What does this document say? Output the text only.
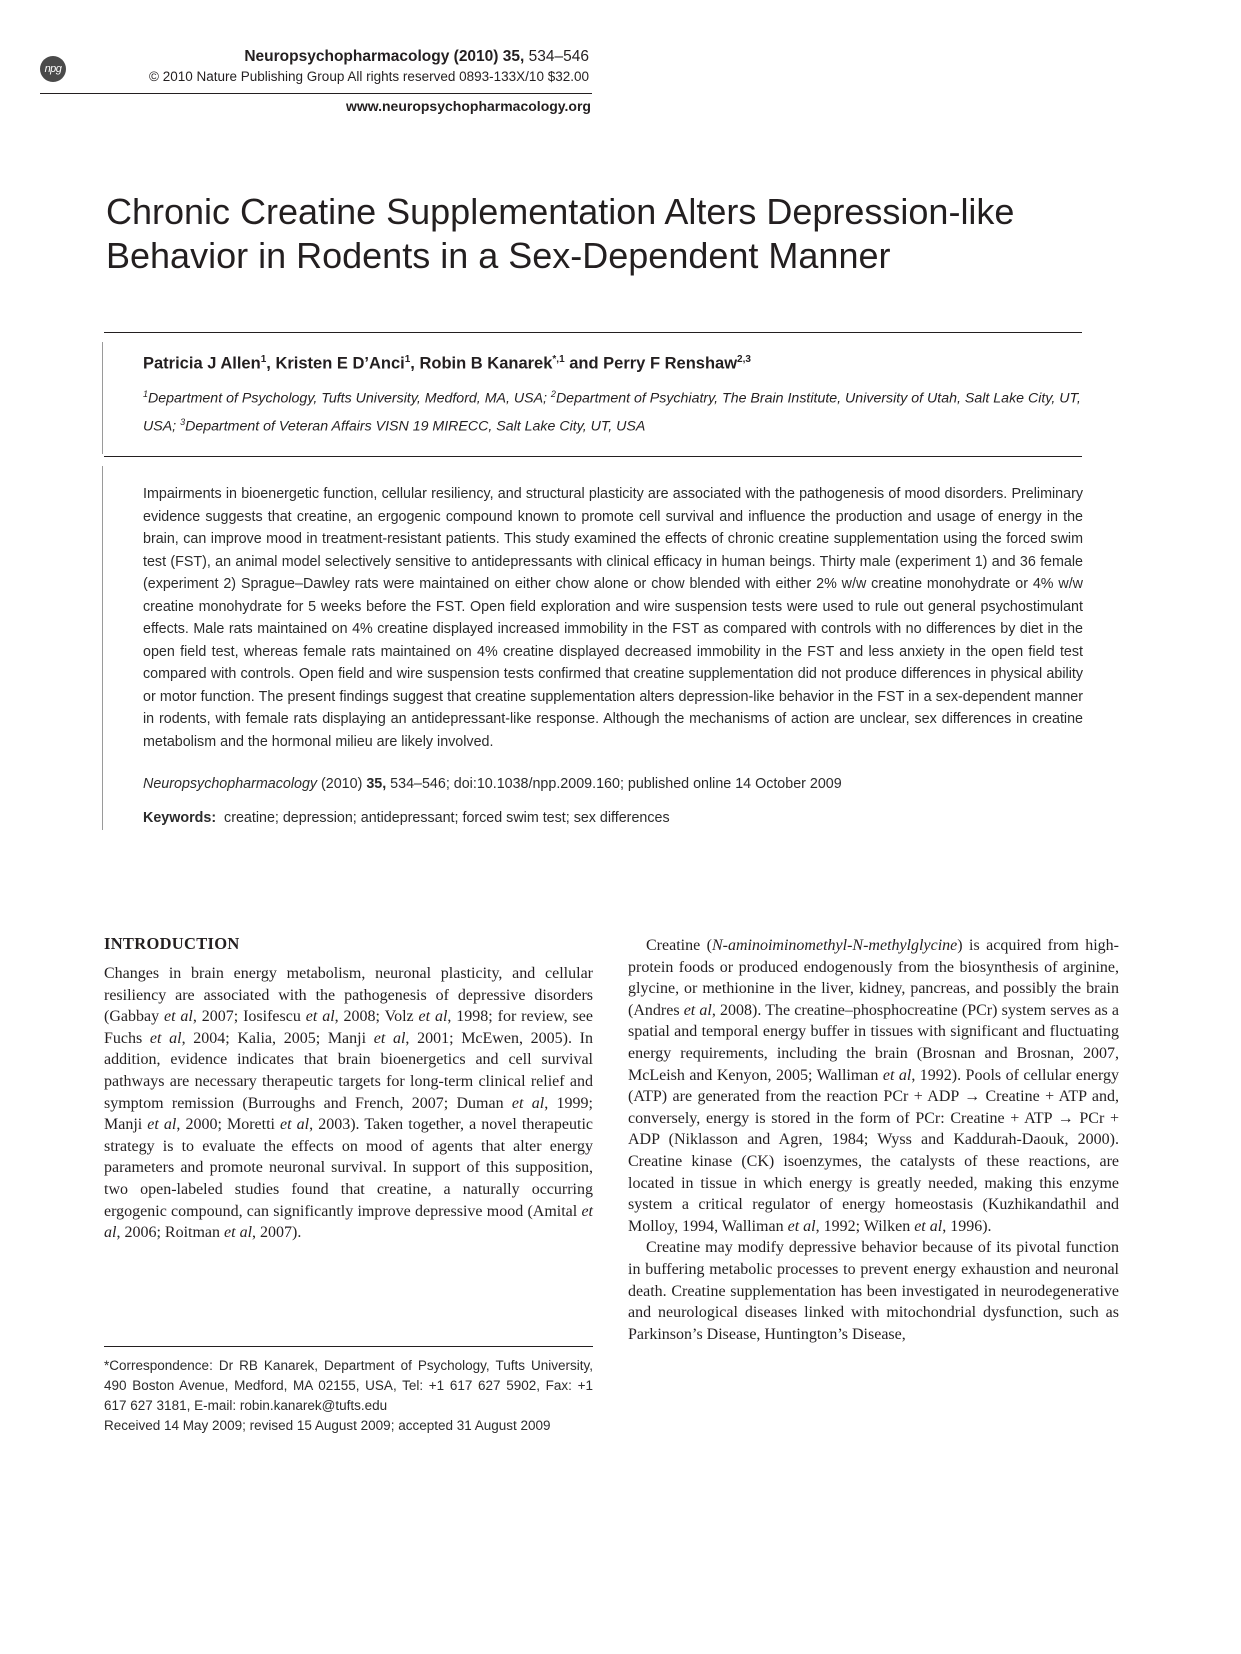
npg
Neuropsychopharmacology (2010) 35, 534–546
© 2010 Nature Publishing Group All rights reserved 0893-133X/10 $32.00
www.neuropsychopharmacology.org
Chronic Creatine Supplementation Alters Depression-like
Behavior in Rodents in a Sex-Dependent Manner
Patricia J Allen$^1$, Kristen E D’Anci$^1$, Robin B Kanarek$^{*,1}$ and Perry F Renshaw$^{2,3}$
$^1$Department of Psychology, Tufts University, Medford, MA, USA; $^2$Department of Psychiatry, The Brain Institute, University of Utah, Salt Lake City, UT, USA; $^3$Department of Veteran Affairs VISN 19 MIRECC, Salt Lake City, UT, USA
Impairments in bioenergetic function, cellular resiliency, and structural plasticity are associated with the pathogenesis of mood disorders. Preliminary evidence suggests that creatine, an ergogenic compound known to promote cell survival and influence the production and usage of energy in the brain, can improve mood in treatment-resistant patients. This study examined the effects of chronic creatine supplementation using the forced swim test (FST), an animal model selectively sensitive to antidepressants with clinical efficacy in human beings. Thirty male (experiment 1) and 36 female (experiment 2) Sprague–Dawley rats were maintained on either chow alone or chow blended with either 2% w/w creatine monohydrate or 4% w/w creatine monohydrate for 5 weeks before the FST. Open field exploration and wire suspension tests were used to rule out general psychostimulant effects. Male rats maintained on 4% creatine displayed increased immobility in the FST as compared with controls with no differences by diet in the open field test, whereas female rats maintained on 4% creatine displayed decreased immobility in the FST and less anxiety in the open field test compared with controls. Open field and wire suspension tests confirmed that creatine supplementation did not produce differences in physical ability or motor function. The present findings suggest that creatine supplementation alters depression-like behavior in the FST in a sex-dependent manner in rodents, with female rats displaying an antidepressant-like response. Although the mechanisms of action are unclear, sex differences in creatine metabolism and the hormonal milieu are likely involved.
Neuropsychopharmacology (2010) 35, 534–546; doi:10.1038/npp.2009.160; published online 14 October 2009
Keywords: creatine; depression; antidepressant; forced swim test; sex differences
INTRODUCTION

Changes in brain energy metabolism, neuronal plasticity, and cellular resiliency are associated with the pathogenesis of depressive disorders (Gabbay et al, 2007; Iosifescu et al, 2008; Volz et al, 1998; for review, see Fuchs et al, 2004; Kalia, 2005; Manji et al, 2001; McEwen, 2005). In addition, evidence indicates that brain bioenergetics and cell survival pathways are necessary therapeutic targets for long-term clinical relief and symptom remission (Burroughs and French, 2007; Duman et al, 1999; Manji et al, 2000; Moretti et al, 2003). Taken together, a novel therapeutic strategy is to evaluate the effects on mood of agents that alter energy parameters and promote neuronal survival. In support of this supposition, two open-labeled studies found that creatine, a naturally occurring ergogenic compound, can significantly improve depressive mood (Amital et al, 2006; Roitman et al, 2007).

Creatine (N-aminoiminomethyl-N-methylglycine) is acquired from high-protein foods or produced endogenously from the biosynthesis of arginine, glycine, or methionine in the liver, kidney, pancreas, and possibly the brain (Andres et al, 2008). The creatine–phosphocreatine (PCr) system serves as a spatial and temporal energy buffer in tissues with significant and fluctuating energy requirements, including the brain (Brosnan and Brosnan, 2007, McLeish and Kenyon, 2005; Walliman et al, 1992). Pools of cellular energy (ATP) are generated from the reaction PCr + ADP → Creatine + ATP and, conversely, energy is stored in the form of PCr: Creatine + ATP → PCr + ADP (Niklasson and Agren, 1984; Wyss and Kaddurah-Daouk, 2000). Creatine kinase (CK) isoenzymes, the catalysts of these reactions, are located in tissue in which energy is greatly needed, making this enzyme system a critical regulator of energy homeostasis (Kuzhikandathil and Molloy, 1994, Walliman et al, 1992; Wilken et al, 1996).

Creatine may modify depressive behavior because of its pivotal function in buffering metabolic processes to prevent energy exhaustion and neuronal death. Creatine supplementation has been investigated in neurodegenerative and neurological diseases linked with mitochondrial dysfunction, such as Parkinson’s Disease, Huntington’s Disease,

*Correspondence: Dr RB Kanarek, Department of Psychology, Tufts University, 490 Boston Avenue, Medford, MA 02155, USA, Tel: +1 617 627 5902, Fax: +1 617 627 3181, E-mail: robin.kanarek@tufts.edu
Received 14 May 2009; revised 15 August 2009; accepted 31 August 2009
